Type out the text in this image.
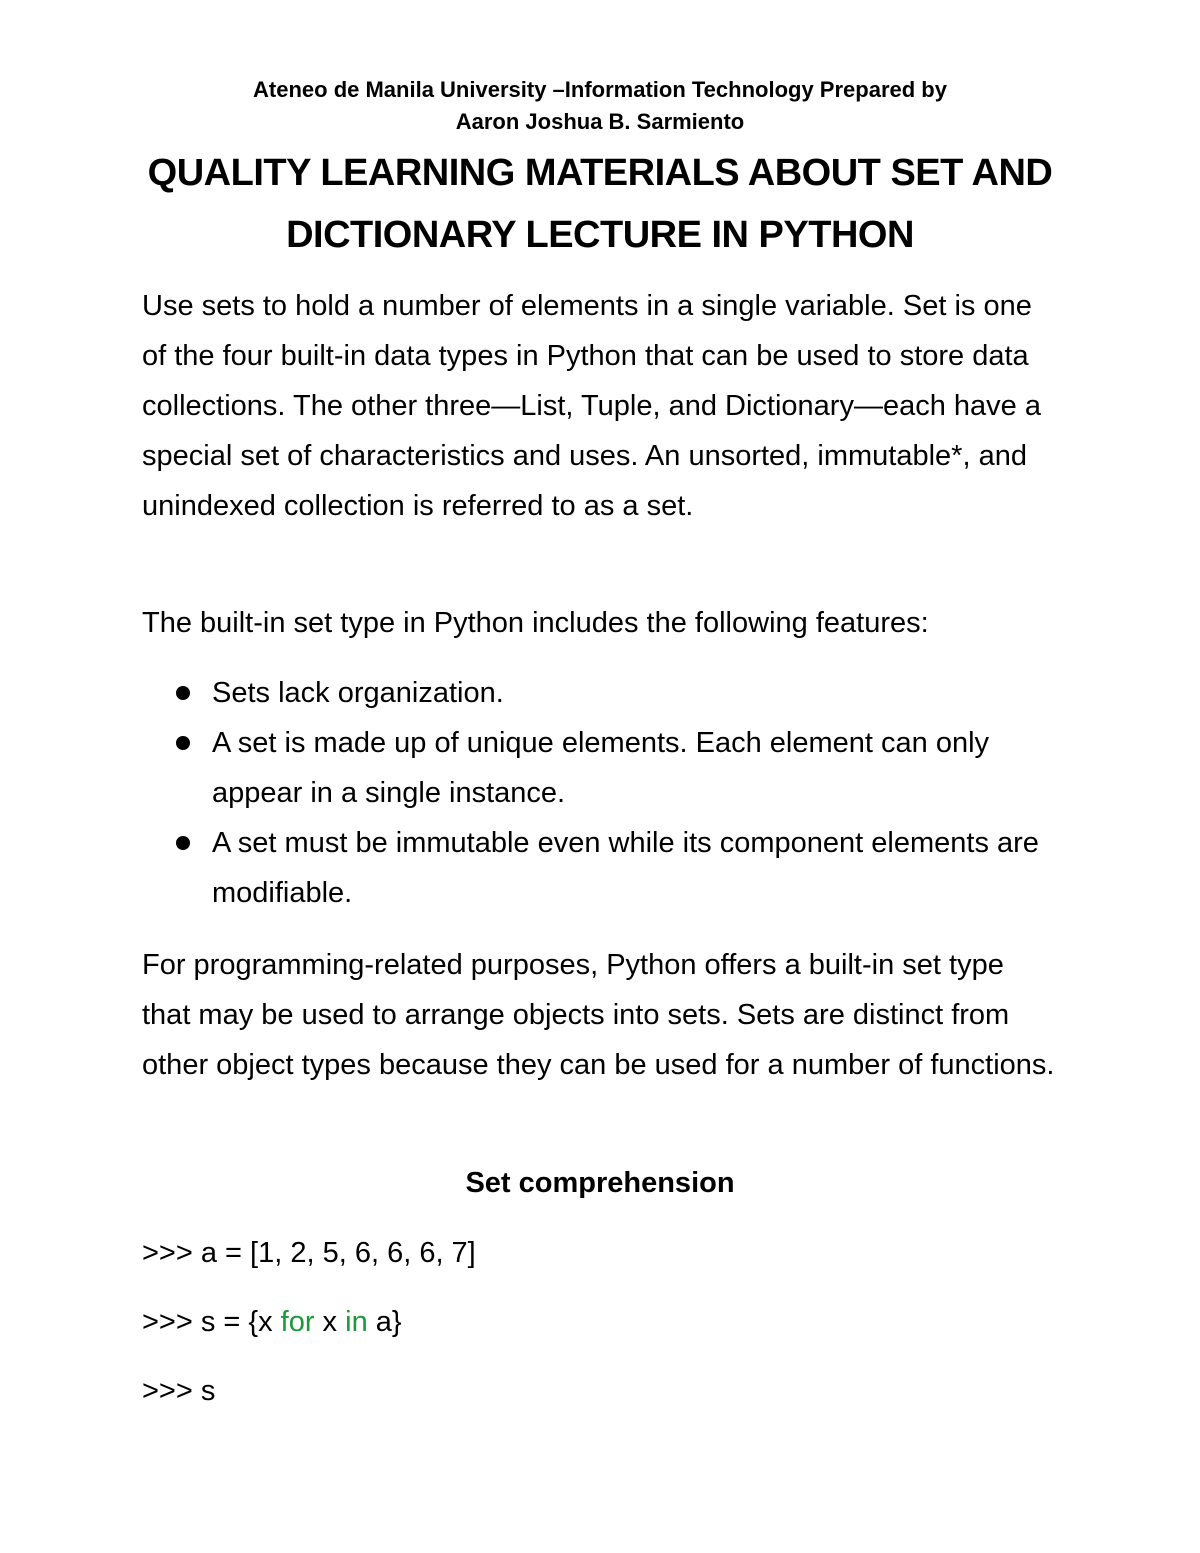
Ateneo de Manila University –Information Technology Prepared by
Aaron Joshua B. Sarmiento
QUALITY LEARNING MATERIALS ABOUT SET AND
DICTIONARY LECTURE IN PYTHON
Use sets to hold a number of elements in a single variable. Set is one of the four built-in data types in Python that can be used to store data collections. The other three—List, Tuple, and Dictionary—each have a special set of characteristics and uses. An unsorted, immutable*, and unindexed collection is referred to as a set.
The built-in set type in Python includes the following features:
Sets lack organization.
A set is made up of unique elements. Each element can only appear in a single instance.
A set must be immutable even while its component elements are modifiable.
For programming-related purposes, Python offers a built-in set type that may be used to arrange objects into sets. Sets are distinct from other object types because they can be used for a number of functions.
Set comprehension
>>> a = [1, 2, 5, 6, 6, 6, 7]
>>> s = {x for x in a}
>>> s
